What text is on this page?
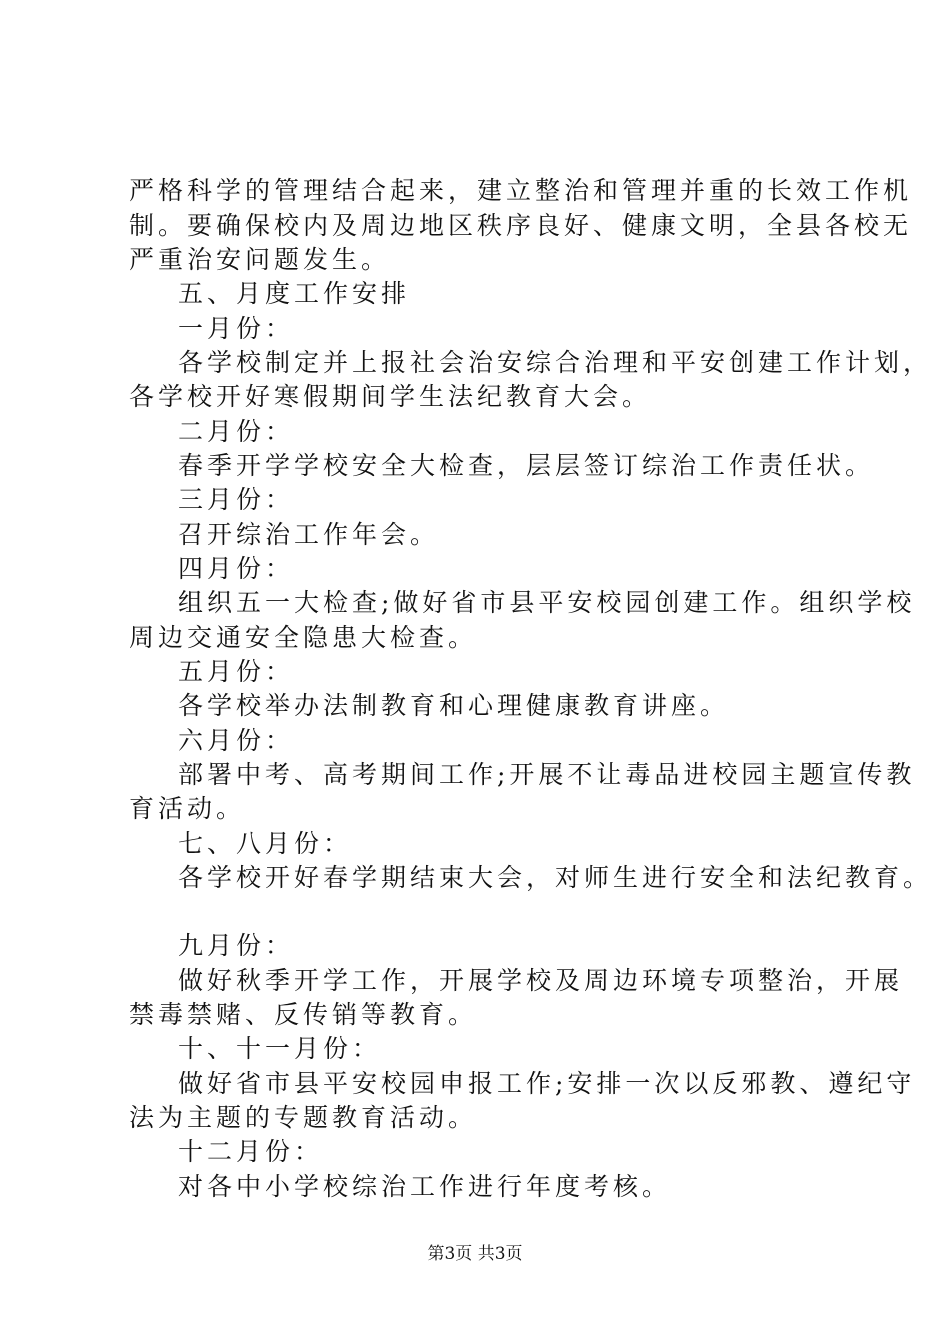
严格科学的管理结合起来，建立整治和管理并重的长效工作机
制。要确保校内及周边地区秩序良好、健康文明，全县各校无
严重治安问题发生。
五、月度工作安排
一月份：
各学校制定并上报社会治安综合治理和平安创建工作计划，
各学校开好寒假期间学生法纪教育大会。
二月份：
春季开学学校安全大检查，层层签订综治工作责任状。
三月份：
召开综治工作年会。
四月份：
组织五一大检查;做好省市县平安校园创建工作。组织学校
周边交通安全隐患大检查。
五月份：
各学校举办法制教育和心理健康教育讲座。
六月份：
部署中考、高考期间工作;开展不让毒品进校园主题宣传教
育活动。
七、八月份：
各学校开好春学期结束大会，对师生进行安全和法纪教育。
九月份：
做好秋季开学工作，开展学校及周边环境专项整治，开展
禁毒禁赌、反传销等教育。
十、十一月份：
做好省市县平安校园申报工作;安排一次以反邪教、遵纪守
法为主题的专题教育活动。
十二月份：
对各中小学校综治工作进行年度考核。
第3页 共3页
